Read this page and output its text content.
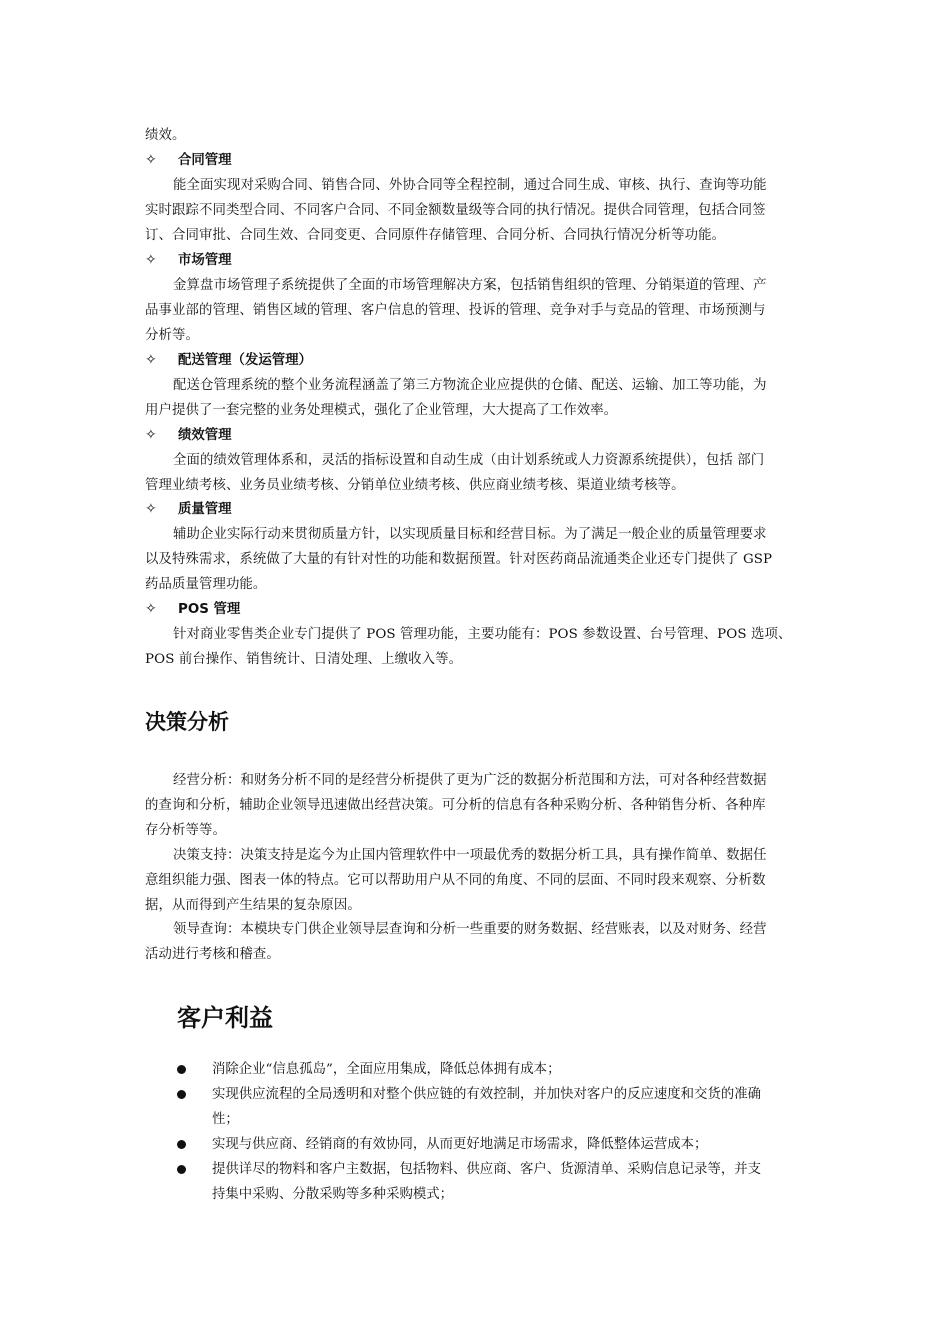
绩效。
✧ 合同管理
能全面实现对采购合同、销售合同、外协合同等全程控制，通过合同生成、审核、执行、查询等功能
实时跟踪不同类型合同、不同客户合同、不同金额数量级等合同的执行情况。提供合同管理，包括合同签
订、合同审批、合同生效、合同变更、合同原件存储管理、合同分析、合同执行情况分析等功能。
✧ 市场管理
金算盘市场管理子系统提供了全面的市场管理解决方案，包括销售组织的管理、分销渠道的管理、产
品事业部的管理、销售区域的管理、客户信息的管理、投诉的管理、竞争对手与竞品的管理、市场预测与
分析等。
✧ 配送管理（发运管理）
配送仓管理系统的整个业务流程涵盖了第三方物流企业应提供的仓储、配送、运输、加工等功能，为
用户提供了一套完整的业务处理模式，强化了企业管理，大大提高了工作效率。
✧ 绩效管理
全面的绩效管理体系和，灵活的指标设置和自动生成（由计划系统或人力资源系统提供），包括 部门
管理业绩考核、业务员业绩考核、分销单位业绩考核、供应商业绩考核、渠道业绩考核等。
✧ 质量管理
辅助企业实际行动来贯彻质量方针，以实现质量目标和经营目标。为了满足一般企业的质量管理要求
以及特殊需求，系统做了大量的有针对性的功能和数据预置。针对医药商品流通类企业还专门提供了 GSP
药品质量管理功能。
✧ POS 管理
针对商业零售类企业专门提供了 POS 管理功能，主要功能有：POS 参数设置、台号管理、POS 选项、
POS 前台操作、销售统计、日清处理、上缴收入等。
决策分析
经营分析：和财务分析不同的是经营分析提供了更为广泛的数据分析范围和方法，可对各种经营数据
的查询和分析，辅助企业领导迅速做出经营决策。可分析的信息有各种采购分析、各种销售分析、各种库
存分析等等。
决策支持：决策支持是迄今为止国内管理软件中一项最优秀的数据分析工具，具有操作简单、数据任
意组织能力强、图表一体的特点。它可以帮助用户从不同的角度、不同的层面、不同时段来观察、分析数
据，从而得到产生结果的复杂原因。
领导查询：本模块专门供企业领导层查询和分析一些重要的财务数据、经营账表，以及对财务、经营
活动进行考核和稽查。
客户利益
消除企业“信息孤岛”，全面应用集成，降低总体拥有成本；
实现供应流程的全局透明和对整个供应链的有效控制，并加快对客户的反应速度和交货的准确
性；
实现与供应商、经销商的有效协同，从而更好地满足市场需求，降低整体运营成本；
提供详尽的物料和客户主数据，包括物料、供应商、客户、货源清单、采购信息记录等，并支
持集中采购、分散采购等多种采购模式；
